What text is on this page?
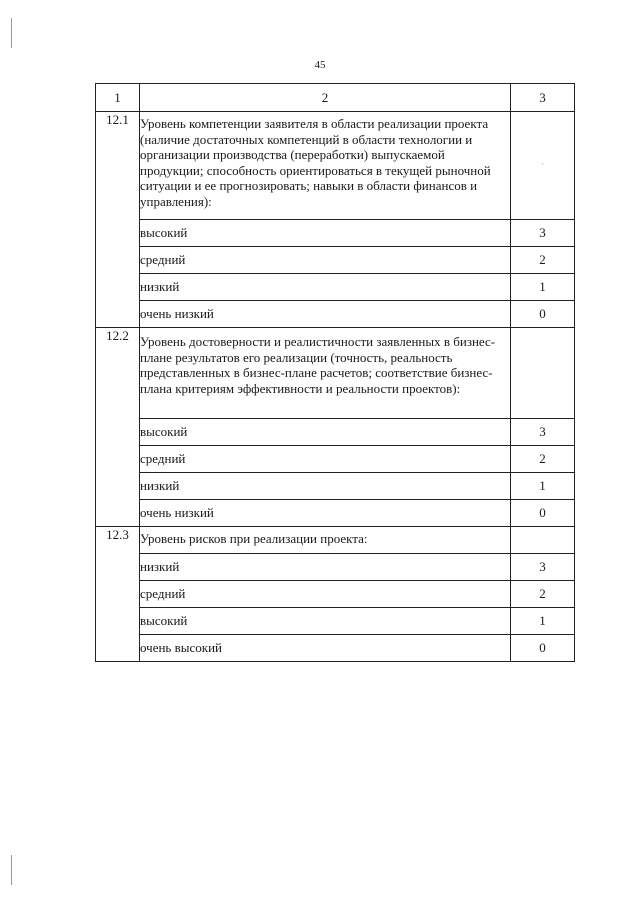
45
1	2	3
12.1	Уровень компетенции заявителя в области реализации проекта (наличие достаточных компетенций в области технологии и организации производства (переработки) выпускаемой продукции; способность ориентироваться в текущей рыночной ситуации и ее прогнозировать; навыки в области финансов и управления):	·

	высокий	3
	средний	2
	низкий	1
	очень низкий	0
12.2	Уровень достоверности и реалистичности заявленных в бизнес-плане результатов его реализации (точность, реальность представленных в бизнес-плане расчетов; соответствие бизнес-плана критериям эффективности и реальности проектов):	
	высокий	3
	средний	2
	низкий	1
	очень низкий	0
12.3	Уровень рисков при реализации проекта:	
	низкий	3
	средний	2
	высокий	1
	очень высокий	0
